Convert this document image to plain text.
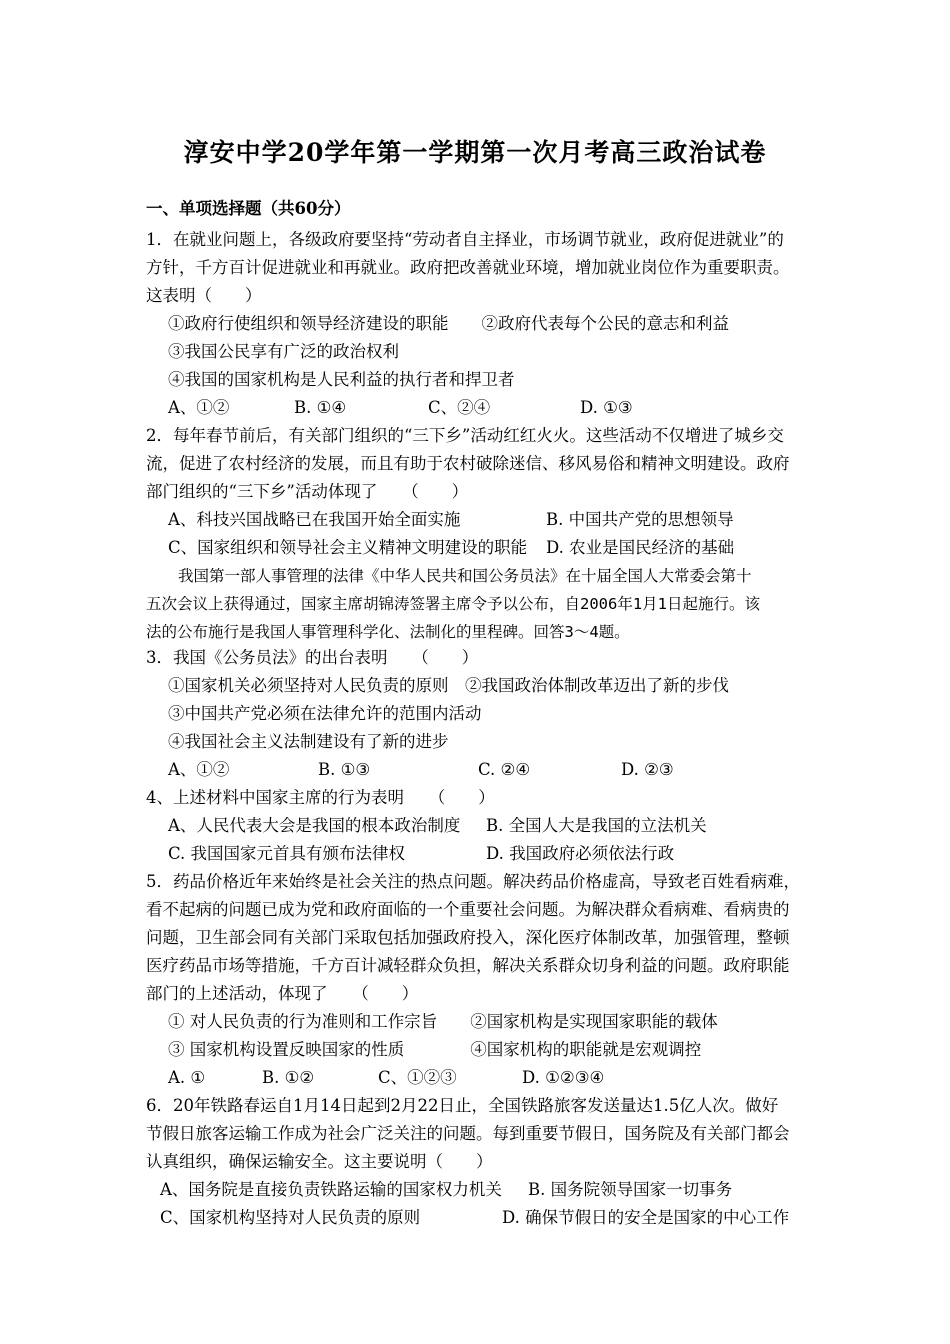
淳安中学20学年第一学期第一次月考高三政治试卷
一、单项选择题（共60分）
1．在就业问题上，各级政府要坚持“劳动者自主择业，市场调节就业，政府促进就业”的
方针，千方百计促进就业和再就业。政府把改善就业环境，增加就业岗位作为重要职责。
这表明（　　）
①政府行使组织和领导经济建设的职能　　②政府代表每个公民的意志和利益
③我国公民享有广泛的政治权利
④我国的国家机构是人民利益的执行者和捍卫者
A、①②	B. ①④	C、②④	D. ①③
2．每年春节前后，有关部门组织的“三下乡”活动红红火火。这些活动不仅增进了城乡交
流，促进了农村经济的发展，而且有助于农村破除迷信、移风易俗和精神文明建设。政府
部门组织的“三下乡”活动体现了　　（　　）
A、科技兴国战略已在我国开始全面实施	B. 中国共产党的思想领导
C、国家组织和领导社会主义精神文明建设的职能 D. 农业是国民经济的基础
我国第一部人事管理的法律《中华人民共和国公务员法》在十届全国人大常委会第十
五次会议上获得通过，国家主席胡锦涛签署主席令予以公布，自2006年1月1日起施行。该
法的公布施行是我国人事管理科学化、法制化的里程碑。回答3～4题。
3．我国《公务员法》的出台表明　　（　　）
①国家机关必须坚持对人民负责的原则　②我国政治体制改革迈出了新的步伐
③中国共产党必须在法律允许的范围内活动
④我国社会主义法制建设有了新的进步
A、①②	B. ①③	C. ②④	D. ②③
4、上述材料中国家主席的行为表明　　（　　）
A、人民代表大会是我国的根本政治制度 B. 全国人大是我国的立法机关
C. 我国国家元首具有颁布法律权	D. 我国政府必须依法行政
5．药品价格近年来始终是社会关注的热点问题。解决药品价格虚高，导致老百姓看病难，
看不起病的问题已成为党和政府面临的一个重要社会问题。为解决群众看病难、看病贵的
问题，卫生部会同有关部门采取包括加强政府投入，深化医疗体制改革，加强管理，整顿
医疗药品市场等措施，千方百计减轻群众负担，解决关系群众切身利益的问题。政府职能
部门的上述活动，体现了　　（　　）
① 对人民负责的行为准则和工作宗旨　　②国家机构是实现国家职能的载体
③ 国家机构设置反映国家的性质　　　　④国家机构的职能就是宏观调控
A. ①	B. ①②	C、①②③	D. ①②③④
6．20年铁路春运自1月14日起到2月22日止，全国铁路旅客发送量达1.5亿人次。做好
节假日旅客运输工作成为社会广泛关注的问题。每到重要节假日，国务院及有关部门都会
认真组织，确保运输安全。这主要说明（　　）
A、国务院是直接负责铁路运输的国家权力机关 B. 国务院领导国家一切事务
C、国家机构坚持对人民负责的原则	D. 确保节假日的安全是国家的中心工作
